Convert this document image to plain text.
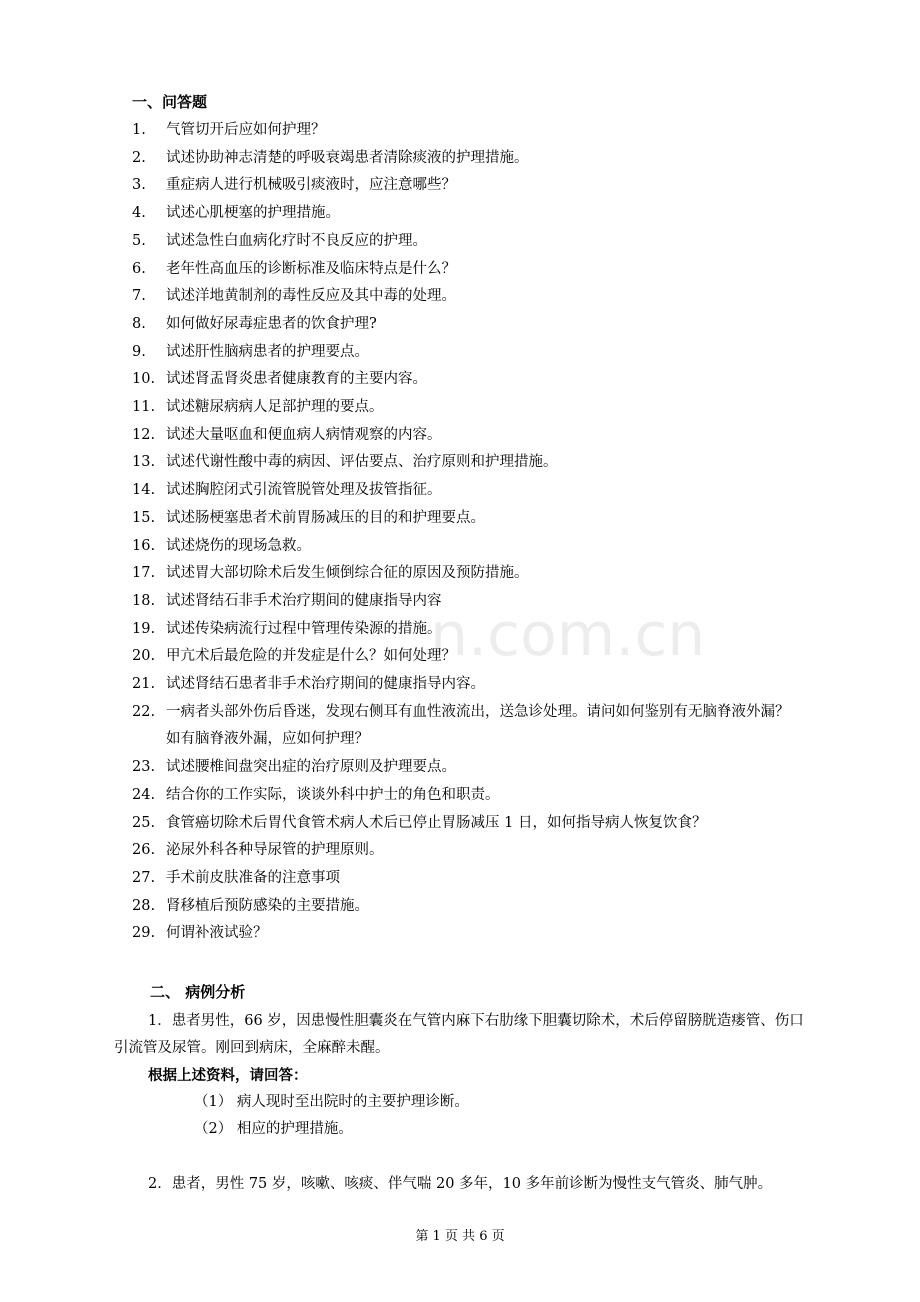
n.com.cn
一、问答题
1.	气管切开后应如何护理？
2.	试述协助神志清楚的呼吸衰竭患者清除痰液的护理措施。
3.	重症病人进行机械吸引痰液时，应注意哪些？
4.	试述心肌梗塞的护理措施。
5.	试述急性白血病化疗时不良反应的护理。
6.	老年性高血压的诊断标准及临床特点是什么？
7.	试述洋地黄制剂的毒性反应及其中毒的处理。
8.	如何做好尿毒症患者的饮食护理?
9.	试述肝性脑病患者的护理要点。
10. 试述肾盂肾炎患者健康教育的主要内容。
11. 试述糖尿病病人足部护理的要点。
12. 试述大量呕血和便血病人病情观察的内容。
13. 试述代谢性酸中毒的病因、评估要点、治疗原则和护理措施。
14. 试述胸腔闭式引流管脱管处理及拔管指征。
15. 试述肠梗塞患者术前胃肠减压的目的和护理要点。
16. 试述烧伤的现场急救。
17. 试述胃大部切除术后发生倾倒综合征的原因及预防措施。
18. 试述肾结石非手术治疗期间的健康指导内容
19. 试述传染病流行过程中管理传染源的措施。
20. 甲亢术后最危险的并发症是什么？如何处理？
21. 试述肾结石患者非手术治疗期间的健康指导内容。
22. 一病者头部外伤后昏迷，发现右侧耳有血性液流出，送急诊处理。请问如何鉴别有无脑脊液外漏？如有脑脊液外漏，应如何护理？
23. 试述腰椎间盘突出症的治疗原则及护理要点。
24. 结合你的工作实际，谈谈外科中护士的角色和职责。
25. 食管癌切除术后胃代食管术病人术后已停止胃肠减压 1 日，如何指导病人恢复饮食？
26. 泌尿外科各种导尿管的护理原则。
27. 手术前皮肤准备的注意事项
28. 肾移植后预防感染的主要措施。
29. 何谓补液试验？
二、 病例分析

1．患者男性，66 岁，因患慢性胆囊炎在气管内麻下右肋缘下胆囊切除术，术后停留膀胱造瘘管、伤口引流管及尿管。刚回到病床，全麻醉未醒。

根据上述资料，请回答：

（1） 病人现时至出院时的主要护理诊断。

（2） 相应的护理措施。

2．患者，男性 75 岁，咳嗽、咳痰、伴气喘 20 多年，10 多年前诊断为慢性支气管炎、肺气肿。

第 1 页 共 6 页
